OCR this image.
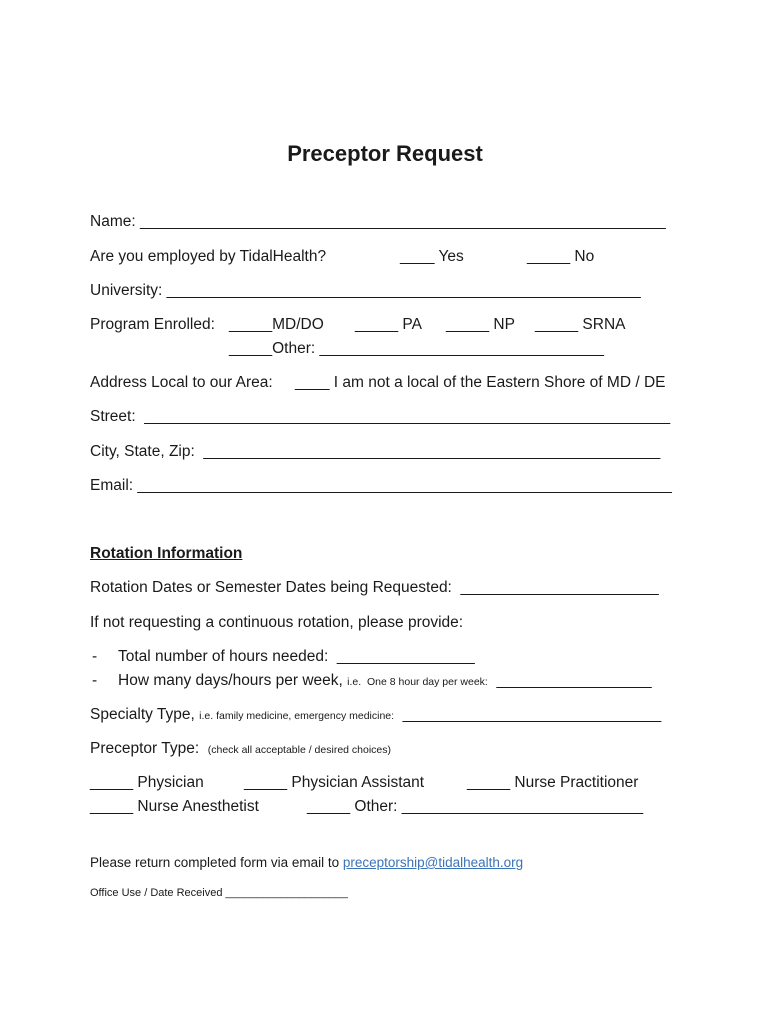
Preceptor Request
Name: _____________________________________________________________
Are you employed by TidalHealth?	____ Yes	_____ No
University: _______________________________________________________
Program Enrolled: _____MD/DO _____ PA _____ NP _____ SRNA
_____Other: _________________________________
Address Local to our Area: ____ I am not a local of the Eastern Shore of MD / DE
Street:  _____________________________________________________________
City, State, Zip:  _____________________________________________________
Email: ______________________________________________________________
Rotation Information
Rotation Dates or Semester Dates being Requested:  _______________________
If not requesting a continuous rotation, please provide:
- Total number of hours needed:  ________________
- How many days/hours per week, i.e.  One 8 hour day per week:  __________________
Specialty Type, i.e. family medicine, emergency medicine:  ______________________________
Preceptor Type:  (check all acceptable / desired choices)
_____ Physician	_____ Physician Assistant	_____ Nurse Practitioner
_____ Nurse Anesthetist	_____ Other: ____________________________
Please return completed form via email to preceptorship@tidalhealth.org
Office Use / Date Received ____________________
